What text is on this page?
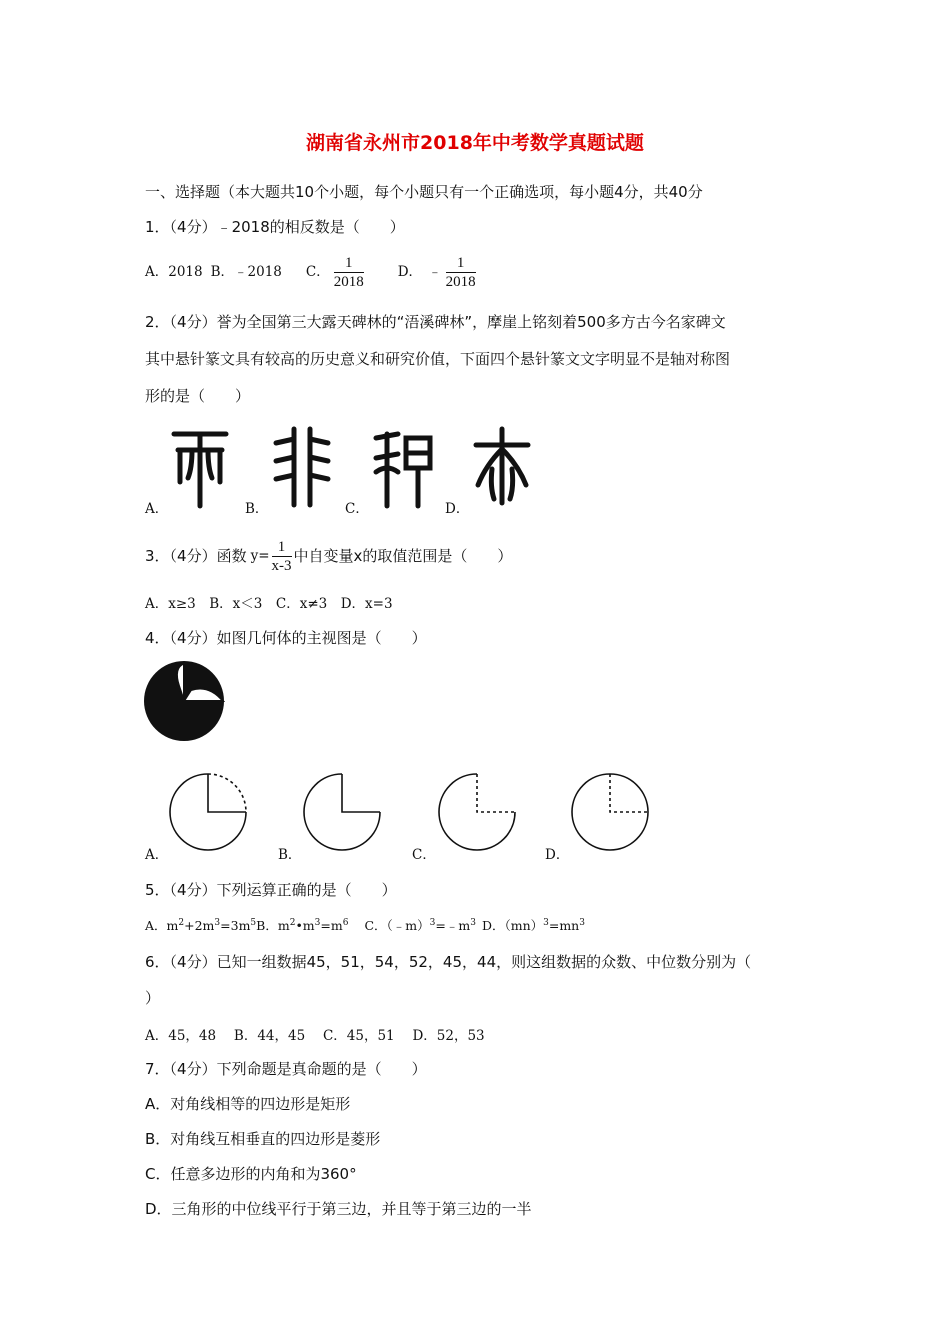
湖南省永州市2018年中考数学真题试题
一、选择题（本大题共10个小题，每个小题只有一个正确选项，每小题4分，共40分
1．（4分）﹣2018的相反数是（　　）
A．2018 B．﹣2018 C． $\frac{1}{2018}$	D． ﹣ $\frac{1}{2018}$
2．（4分）誉为全国第三大露天碑林的“浯溪碑林”，摩崖上铭刻着500多方古今名家碑文
其中悬针篆文具有较高的历史意义和研究价值，下面四个悬针篆文文字明显不是轴对称图
形的是（　　）
A．	B．	C．	D．
3．（4分）函数 $y= \frac{1}{x-3}$ 中自变量x的取值范围是（　　）
A．x≥3　B．x＜3　C．x≠3　D．x=3
4．（4分）如图几何体的主视图是（　　）
A．	B．	C．	D．
5．（4分）下列运算正确的是（　　）
A．$m^2+2m^3=3m^5B$．$m^2•m^3=m^6$ C．$(﹣m)^3=﹣m^3$ D．$(mn)^3=mn^3$
6．（4分）已知一组数据45，51，54，52，45，44，则这组数据的众数、中位数分别为（
）
A．45，48　 B．44，45　 C．45，51　 D．52，53
7．（4分）下列命题是真命题的是（　　）
A．对角线相等的四边形是矩形
B．对角线互相垂直的四边形是菱形
C．任意多边形的内角和为360°
D．三角形的中位线平行于第三边，并且等于第三边的一半
